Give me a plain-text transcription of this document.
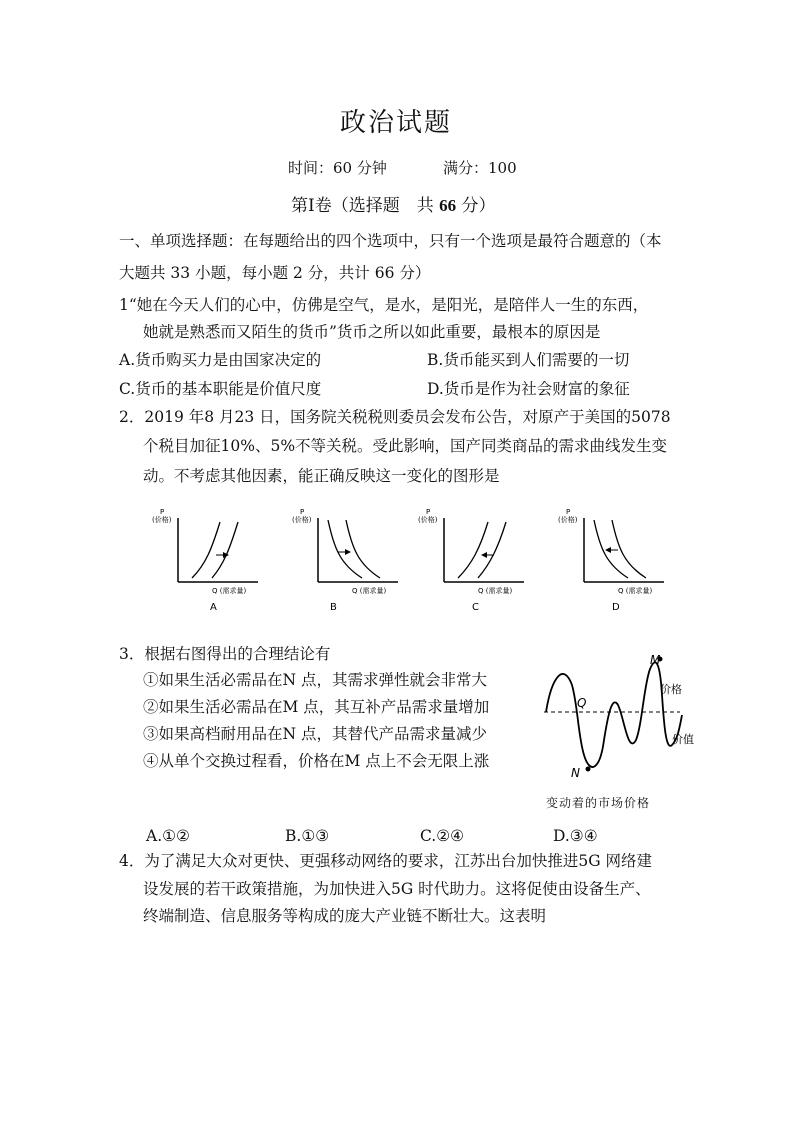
政治试题
时间：60 分钟	满分：100
第Ⅰ卷（选择题　共 66 分）
一、单项选择题：在每题给出的四个选项中，只有一个选项是最符合题意的（本
大题共 33 小题，每小题 2 分，共计 66 分）
1“她在今天人们的心中，仿佛是空气，是水，是阳光，是陪伴人一生的东西，
她就是熟悉而又陌生的货币”货币之所以如此重要，最根本的原因是
A.货币购买力是由国家决定的	B.货币能买到人们需要的一切
C.货币的基本职能是价值尺度	D.货币是作为社会财富的象征
2．2019 年8 月23 日，国务院关税税则委员会发布公告，对原产于美国的5078
个税目加征10%、5%不等关税。受此影响，国产同类商品的需求曲线发生变
动。不考虑其他因素，能正确反映这一变化的图形是
P
(价格)
Q (需求量)
A
P
(价格)
Q (需求量)
B
P
(价格)
Q (需求量)
C
P
(价格)
Q (需求量)
D
3．根据右图得出的合理结论有
①如果生活必需品在N 点，其需求弹性就会非常大
②如果生活必需品在M 点，其互补产品需求量增加
③如果高档耐用品在N 点，其替代产品需求量减少
④从单个交换过程看，价格在M 点上不会无限上涨
M
Q
N
价格
价值
变动着的市场价格
A.①②	B.①③	C.②④	D.③④
4．为了满足大众对更快、更强移动网络的要求，江苏出台加快推进5G 网络建
设发展的若干政策措施，为加快进入5G 时代助力。这将促使由设备生产、
终端制造、信息服务等构成的庞大产业链不断壮大。这表明
